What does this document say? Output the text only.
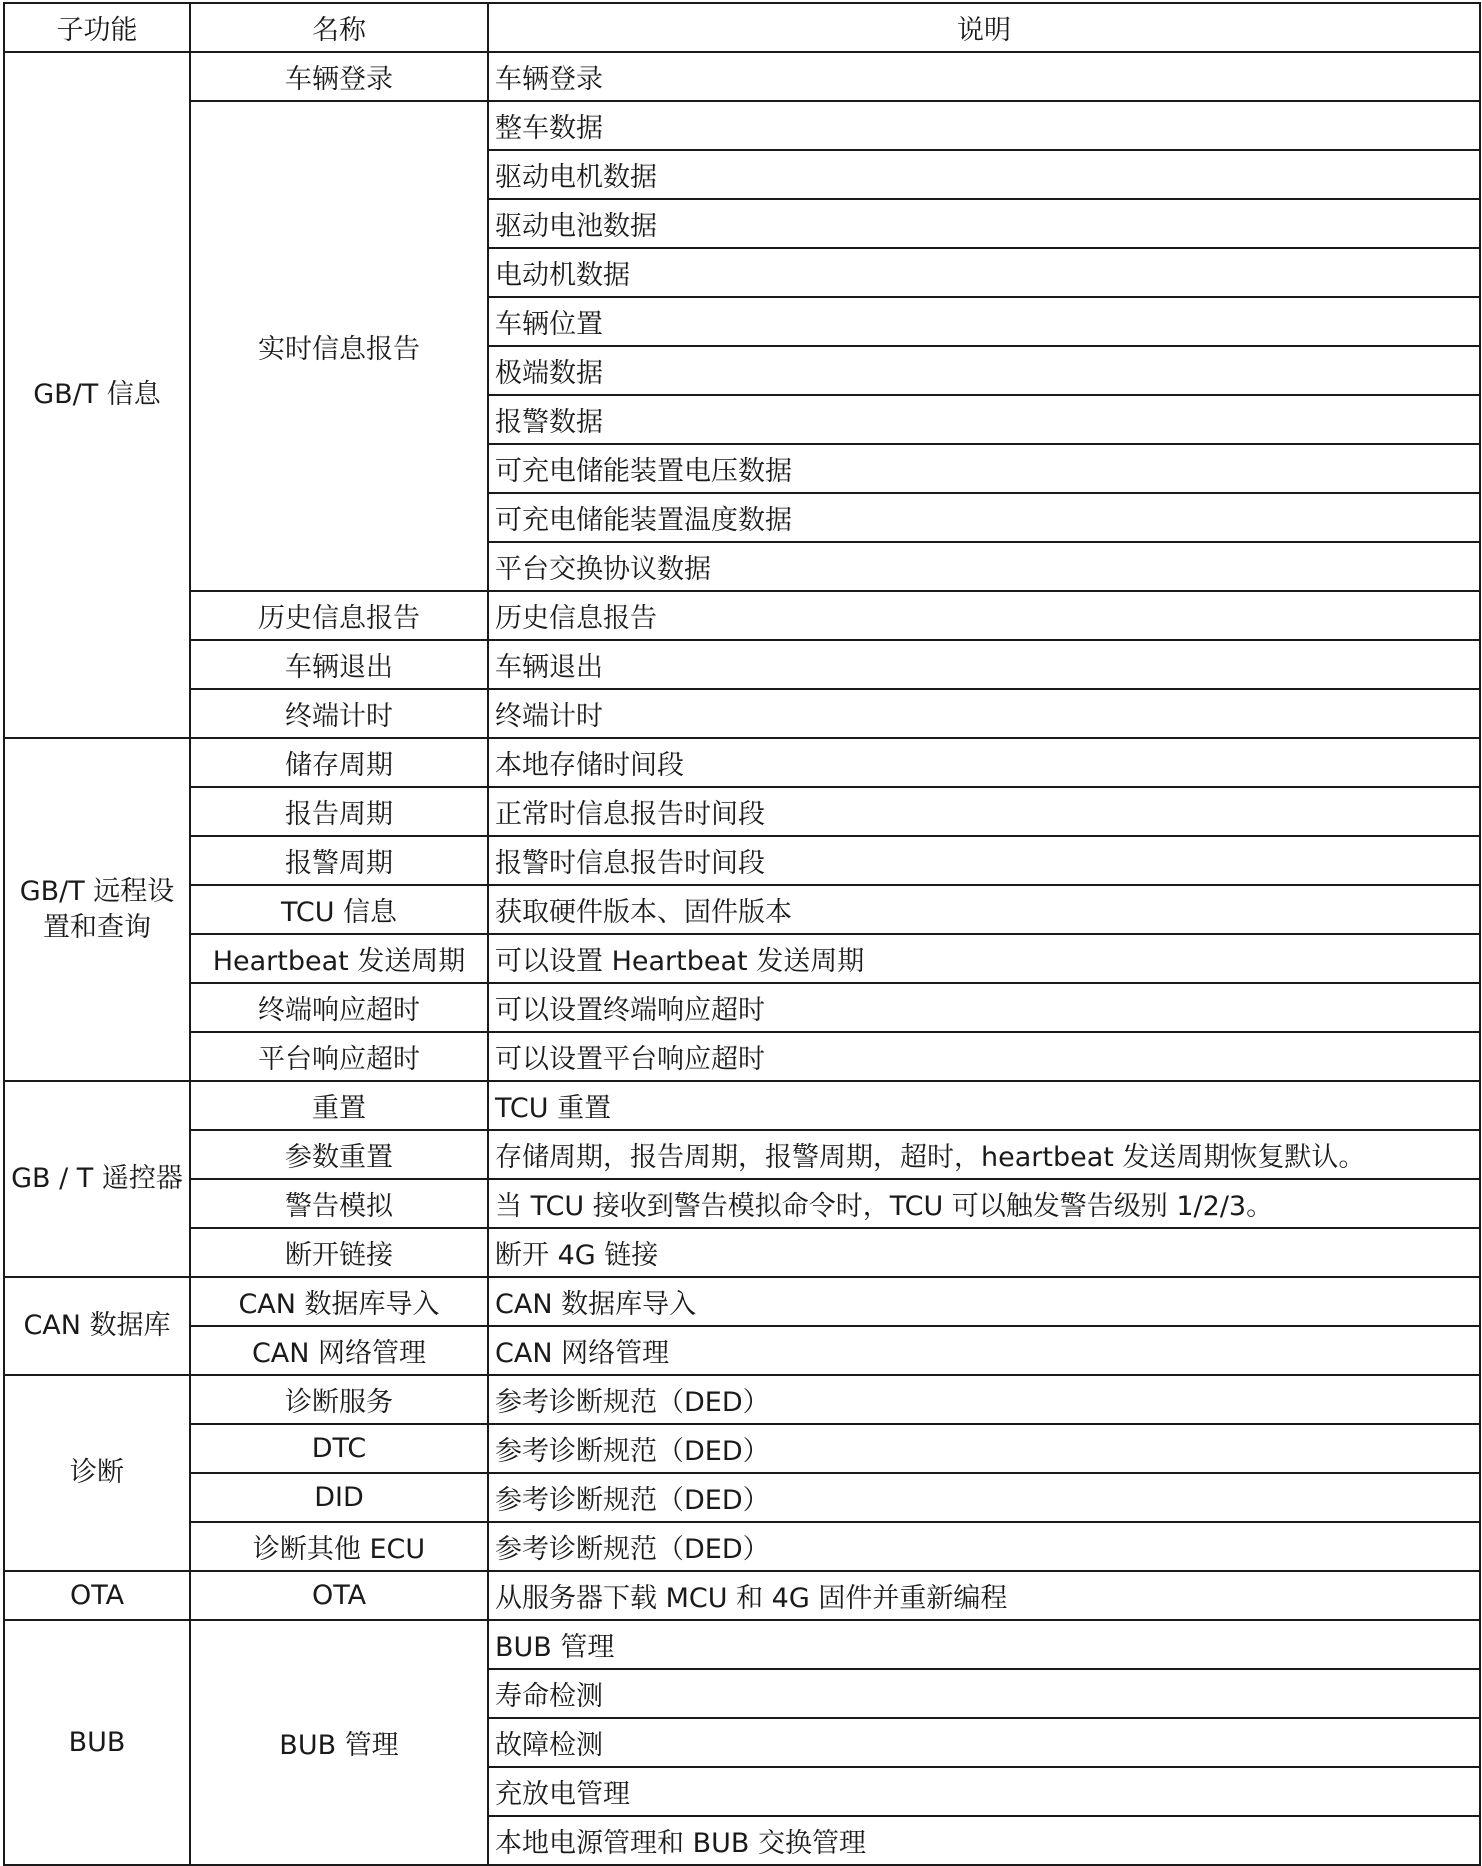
子功能	名称	说明
GB/T 信息	车辆登录	车辆登录
	实时信息报告	整车数据
		驱动电机数据
		驱动电池数据
		电动机数据
		车辆位置
		极端数据
		报警数据
		可充电储能装置电压数据
		可充电储能装置温度数据
		平台交换协议数据
	历史信息报告	历史信息报告
	车辆退出	车辆退出
	终端计时	终端计时
GB/T 远程设置和查询	储存周期	本地存储时间段
	报告周期	正常时信息报告时间段
	报警周期	报警时信息报告时间段
	TCU 信息	获取硬件版本、固件版本
	Heartbeat 发送周期	可以设置 Heartbeat 发送周期
	终端响应超时	可以设置终端响应超时
	平台响应超时	可以设置平台响应超时
GB / T 遥控器	重置	TCU 重置
	参数重置	存储周期，报告周期，报警周期，超时，heartbeat 发送周期恢复默认。
	警告模拟	当 TCU 接收到警告模拟命令时，TCU 可以触发警告级别 1/2/3。
	断开链接	断开 4G 链接
CAN 数据库	CAN 数据库导入	CAN 数据库导入
	CAN 网络管理	CAN 网络管理
诊断	诊断服务	参考诊断规范（DED）
	DTC	参考诊断规范（DED）
	DID	参考诊断规范（DED）
	诊断其他 ECU	参考诊断规范（DED）
OTA	OTA	从服务器下载 MCU 和 4G 固件并重新编程
BUB	BUB 管理	BUB 管理
		寿命检测
		故障检测
		充放电管理
		本地电源管理和 BUB 交换管理
